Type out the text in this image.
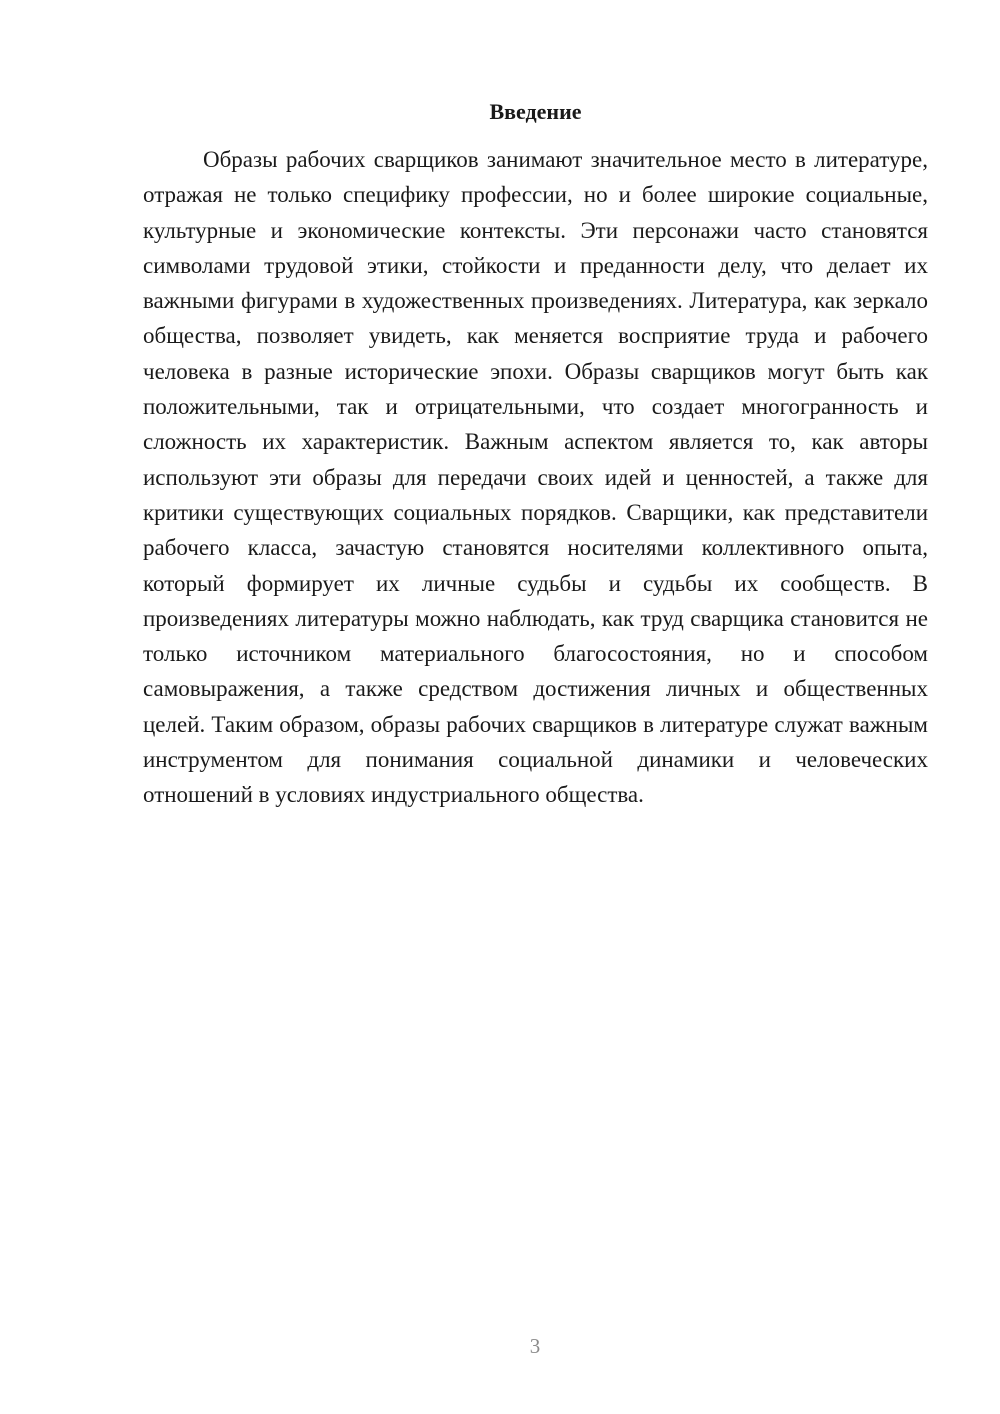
Введение

Образы рабочих сварщиков занимают значительное место в литературе, отражая не только специфику профессии, но и более широкие социальные, культурные и экономические контексты. Эти персонажи часто становятся символами трудовой этики, стойкости и преданности делу, что делает их важными фигурами в художественных произведениях. Литература, как зеркало общества, позволяет увидеть, как меняется восприятие труда и рабочего человека в разные исторические эпохи. Образы сварщиков могут быть как положительными, так и отрицательными, что создает многогранность и сложность их характеристик. Важным аспектом является то, как авторы используют эти образы для передачи своих идей и ценностей, а также для критики существующих социальных порядков. Сварщики, как представители рабочего класса, зачастую становятся носителями коллективного опыта, который формирует их личные судьбы и судьбы их сообществ. В произведениях литературы можно наблюдать, как труд сварщика становится не только источником материального благосостояния, но и способом самовыражения, а также средством достижения личных и общественных целей. Таким образом, образы рабочих сварщиков в литературе служат важным инструментом для понимания социальной динамики и человеческих отношений в условиях индустриального общества.

3
